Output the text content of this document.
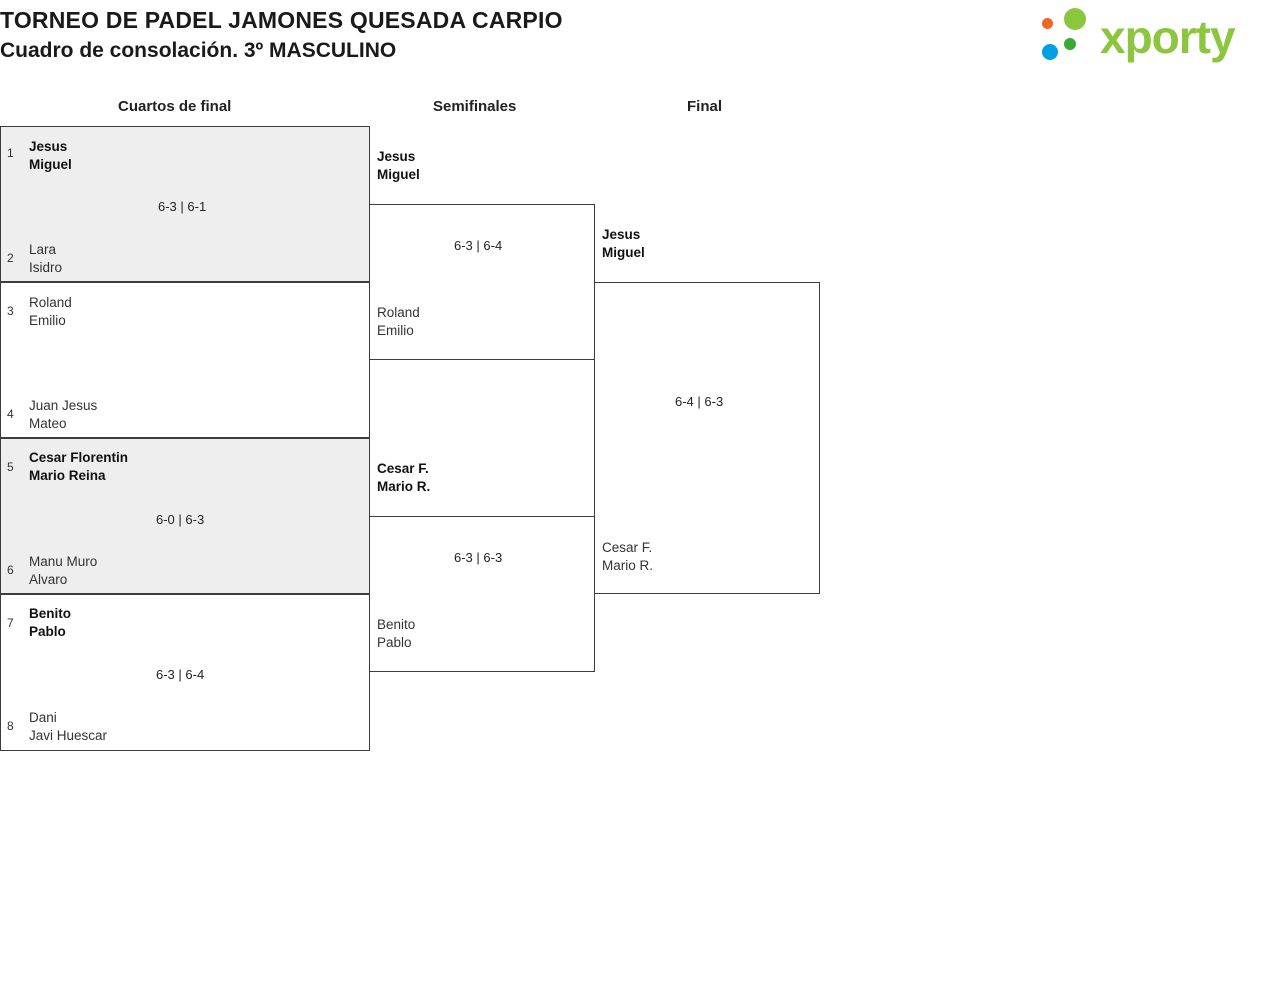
TORNEO DE PADEL JAMONES QUESADA CARPIO
Cuadro de consolación. 3º MASCULINO	xporty
Cuartos de final	Semifinales	Final
1 Jesus
Miguel
6-3 | 6-1
2
Lara
Isidro
3
Roland
Emilio
4
Juan Jesus
Mateo
5
Cesar Florentin
Mario Reina
6-0 | 6-3
6
Manu Muro
Alvaro
7
Benito
Pablo
6-3 | 6-4
8
Dani
Javi Huescar
Jesus
Miguel
6-3 | 6-4
Roland
Emilio
Cesar F.
Mario R.
6-3 | 6-3
Benito
Pablo
Jesus
Miguel
6-4 | 6-3
Cesar F.
Mario R.
